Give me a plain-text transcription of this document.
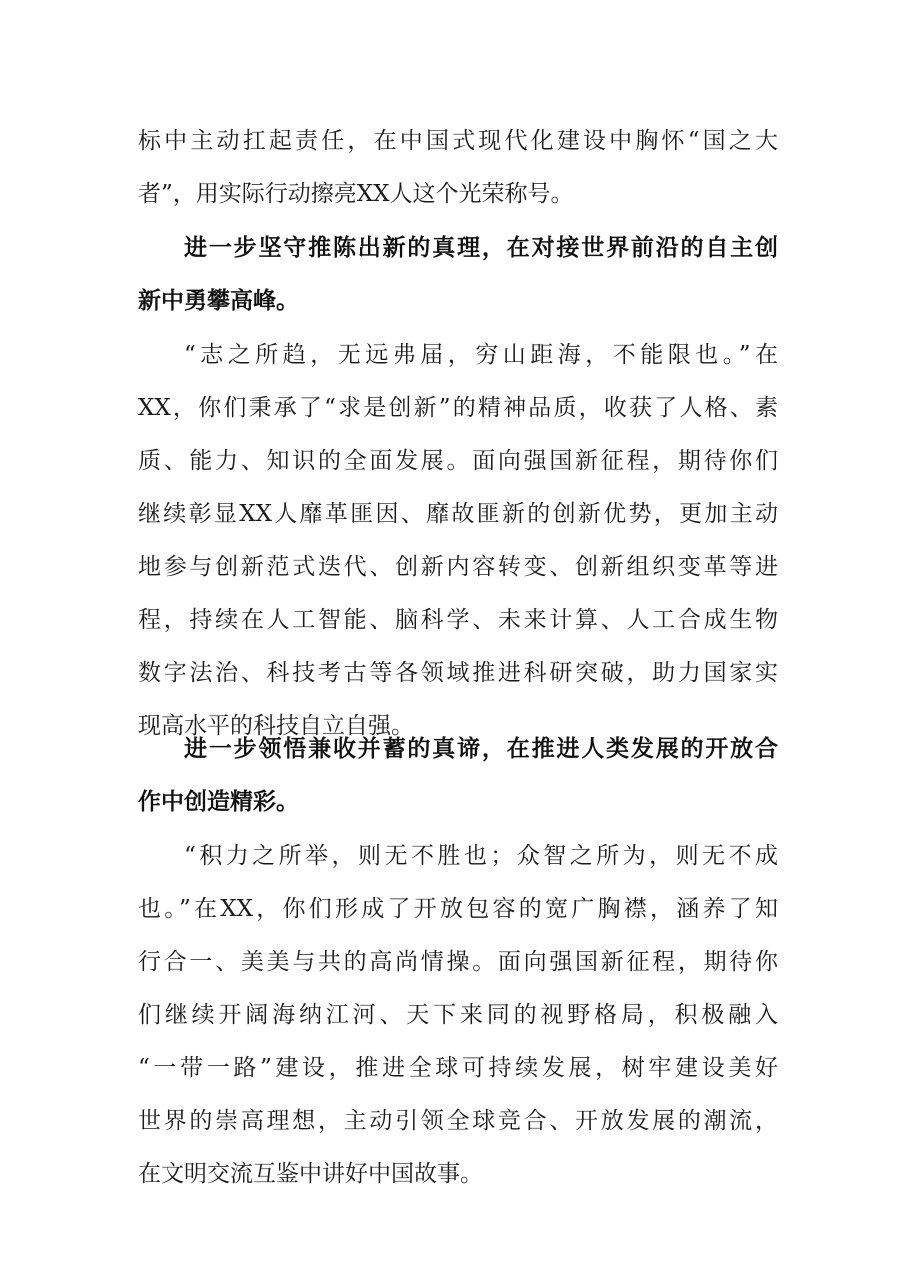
标中主动扛起责任，在中国式现代化建设中胸怀“国之大
者”，用实际行动擦亮XX人这个光荣称号。
进一步坚守推陈出新的真理，在对接世界前沿的自主创
新中勇攀高峰。
“志之所趋，无远弗届，穷山距海，不能限也。”在
XX，你们秉承了“求是创新”的精神品质，收获了人格、素
质、能力、知识的全面发展。面向强国新征程，期待你们
继续彰显XX人靡革匪因、靡故匪新的创新优势，更加主动
地参与创新范式迭代、创新内容转变、创新组织变革等进
程，持续在人工智能、脑科学、未来计算、人工合成生物
数字法治、科技考古等各领域推进科研突破，助力国家实
现高水平的科技自立自强。
进一步领悟兼收并蓄的真谛，在推进人类发展的开放合
作中创造精彩。
“积力之所举，则无不胜也；众智之所为，则无不成
也。”在XX，你们形成了开放包容的宽广胸襟，涵养了知
行合一、美美与共的高尚情操。面向强国新征程，期待你
们继续开阔海纳江河、天下来同的视野格局，积极融入
“一带一路”建设，推进全球可持续发展，树牢建设美好
世界的崇高理想，主动引领全球竞合、开放发展的潮流，
在文明交流互鉴中讲好中国故事。
